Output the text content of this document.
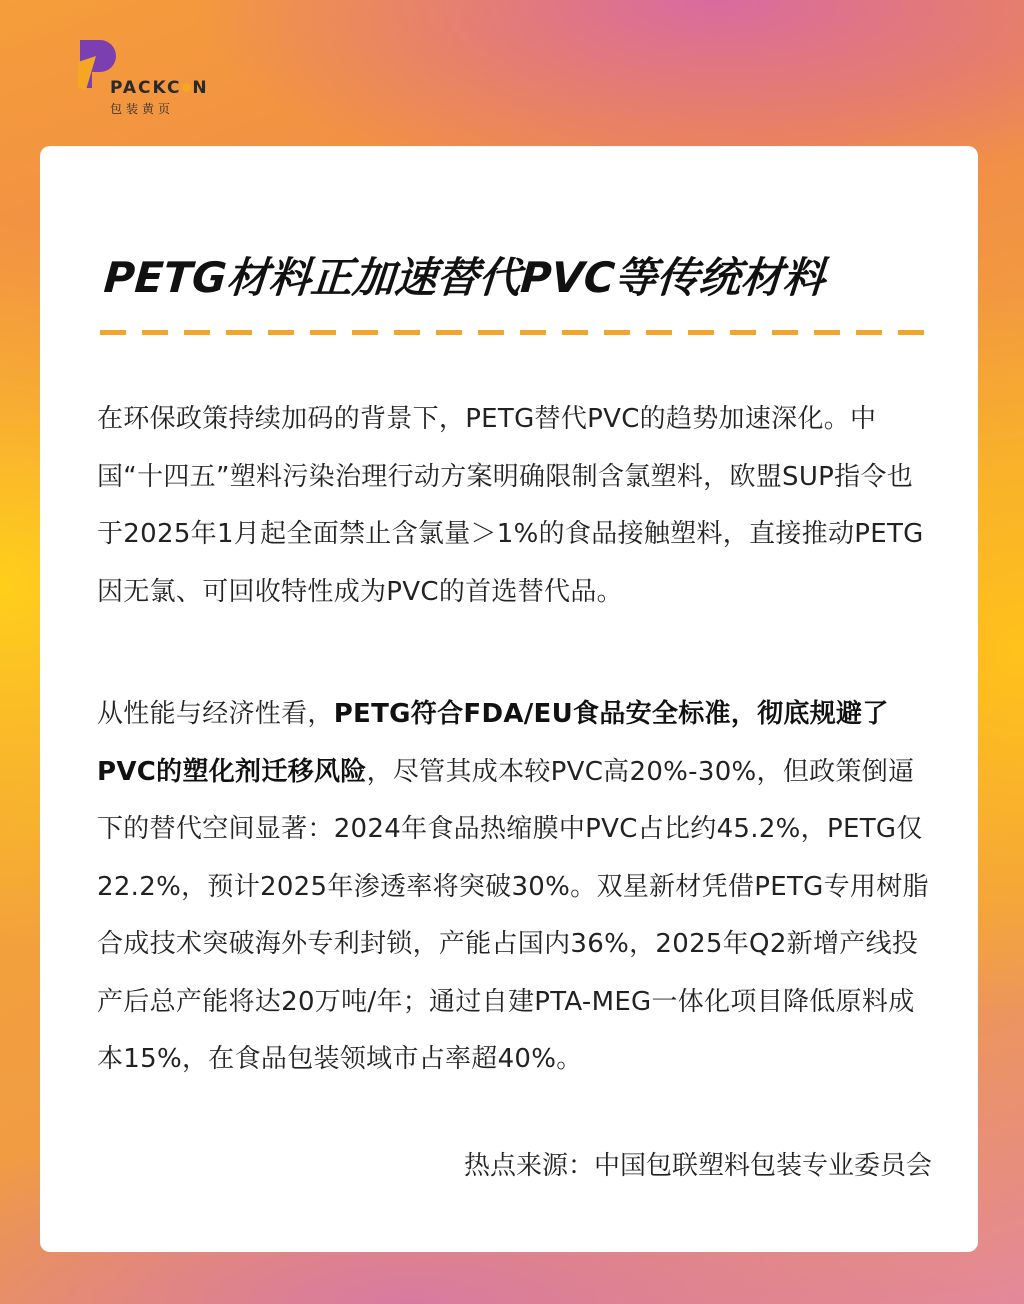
PACKC N
包装黄页
PETG材料正加速替代PVC等传统材料

在环保政策持续加码的背景下，PETG替代PVC的趋势加速深化。中国“十四五”塑料污染治理行动方案明确限制含氯塑料，欧盟SUP指令也于2025年1月起全面禁止含氯量＞1%的食品接触塑料，直接推动PETG因无氯、可回收特性成为PVC的首选替代品。

从性能与经济性看，PETG符合FDA/EU食品安全标准，彻底规避了PVC的塑化剂迁移风险，尽管其成本较PVC高20%-30%，但政策倒逼下的替代空间显著：2024年食品热缩膜中PVC占比约45.2%，PETG仅22.2%，预计2025年渗透率将突破30%。双星新材凭借PETG专用树脂合成技术突破海外专利封锁，产能占国内36%，2025年Q2新增产线投产后总产能将达20万吨/年；通过自建PTA-MEG一体化项目降低原料成本15%，在食品包装领域市占率超40%。

热点来源：中国包联塑料包装专业委员会
